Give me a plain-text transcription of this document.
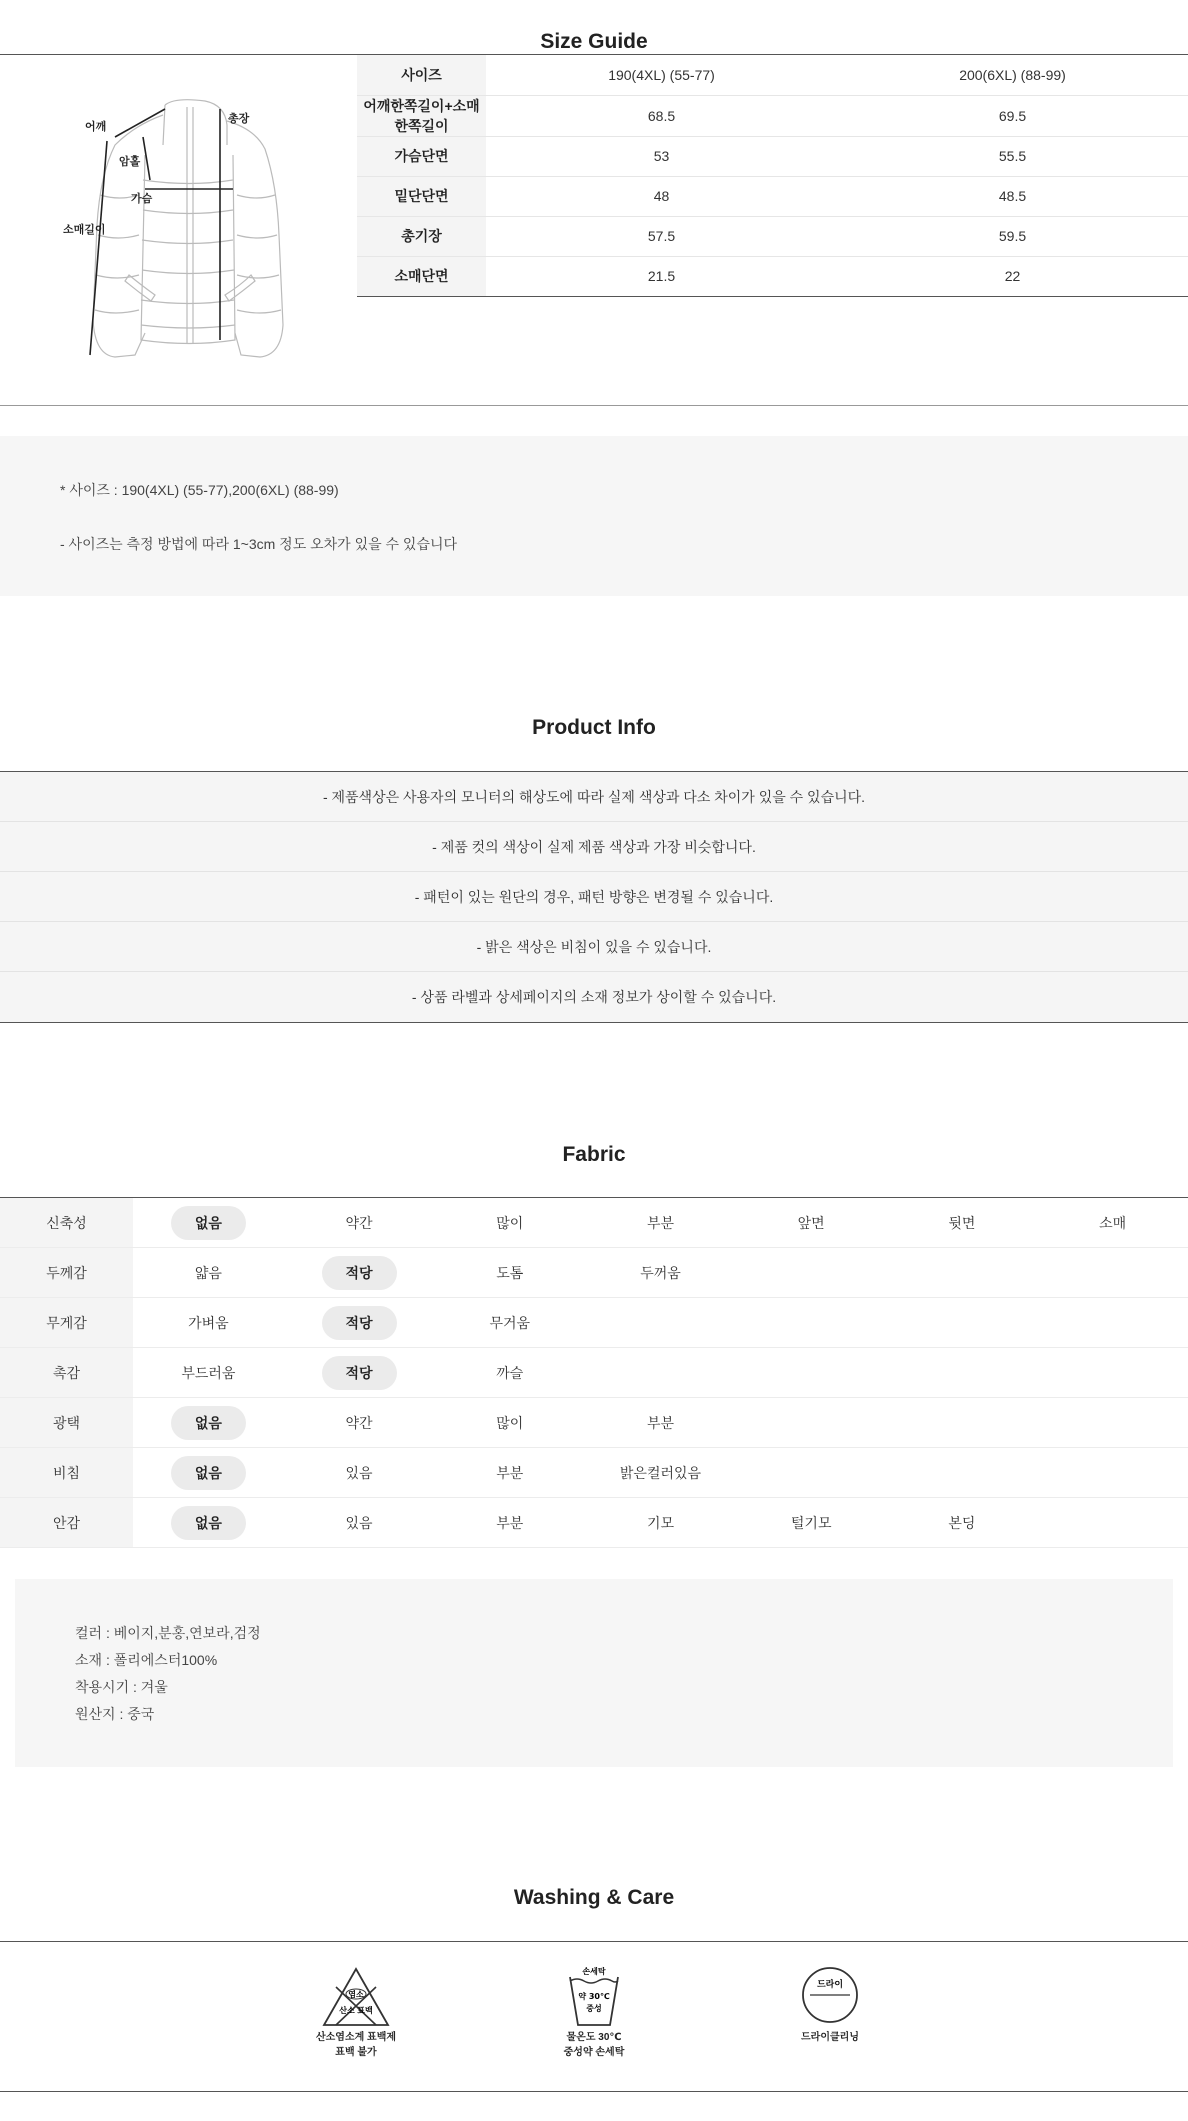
Size Guide
어깨
총장
암홀
가슴
소매길이
사이즈	190(4XL) (55-77)	200(6XL) (88-99)
어깨한쪽길이+소매
한쪽길이	68.5	69.5
가슴단면	53	55.5
밑단단면	48	48.5
총기장	57.5	59.5
소매단면	21.5	22

* 사이즈 : 190(4XL) (55-77),200(6XL) (88-99)

- 사이즈는 측정 방법에 따라 1~3cm 정도 오차가 있을 수 있습니다

Product Info
- 제품색상은 사용자의 모니터의 해상도에 따라 실제 색상과 다소 차이가 있을 수 있습니다.
- 제품 컷의 색상이 실제 제품 색상과 가장 비슷합니다.
- 패턴이 있는 원단의 경우, 패턴 방향은 변경될 수 있습니다.
- 밝은 색상은 비침이 있을 수 있습니다.
- 상품 라벨과 상세페이지의 소재 정보가 상이할 수 있습니다.
Fabric
신축성	없음	약간	많이	부분	앞면	뒷면	소매
두께감	얇음	적당	도톰	두꺼움			
무게감	가벼움	적당	무거움				
촉감	부드러움	적당	까슬				
광택	없음	약간	많이	부분			
비침	없음	있음	부분	밝은컬러있음			
안감	없음	있음	부분	기모	털기모	본딩	

컬러 : 베이지,분홍,연보라,검정

소재 : 폴리에스터100%

착용시기 : 겨울

원산지 : 중국

Washing & Care
염소
산소 표백
산소염소계 표백제
표백 불가
손세탁
약 30℃
중성
물온도 30℃
중성약 손세탁
드라이
드라이클리닝
